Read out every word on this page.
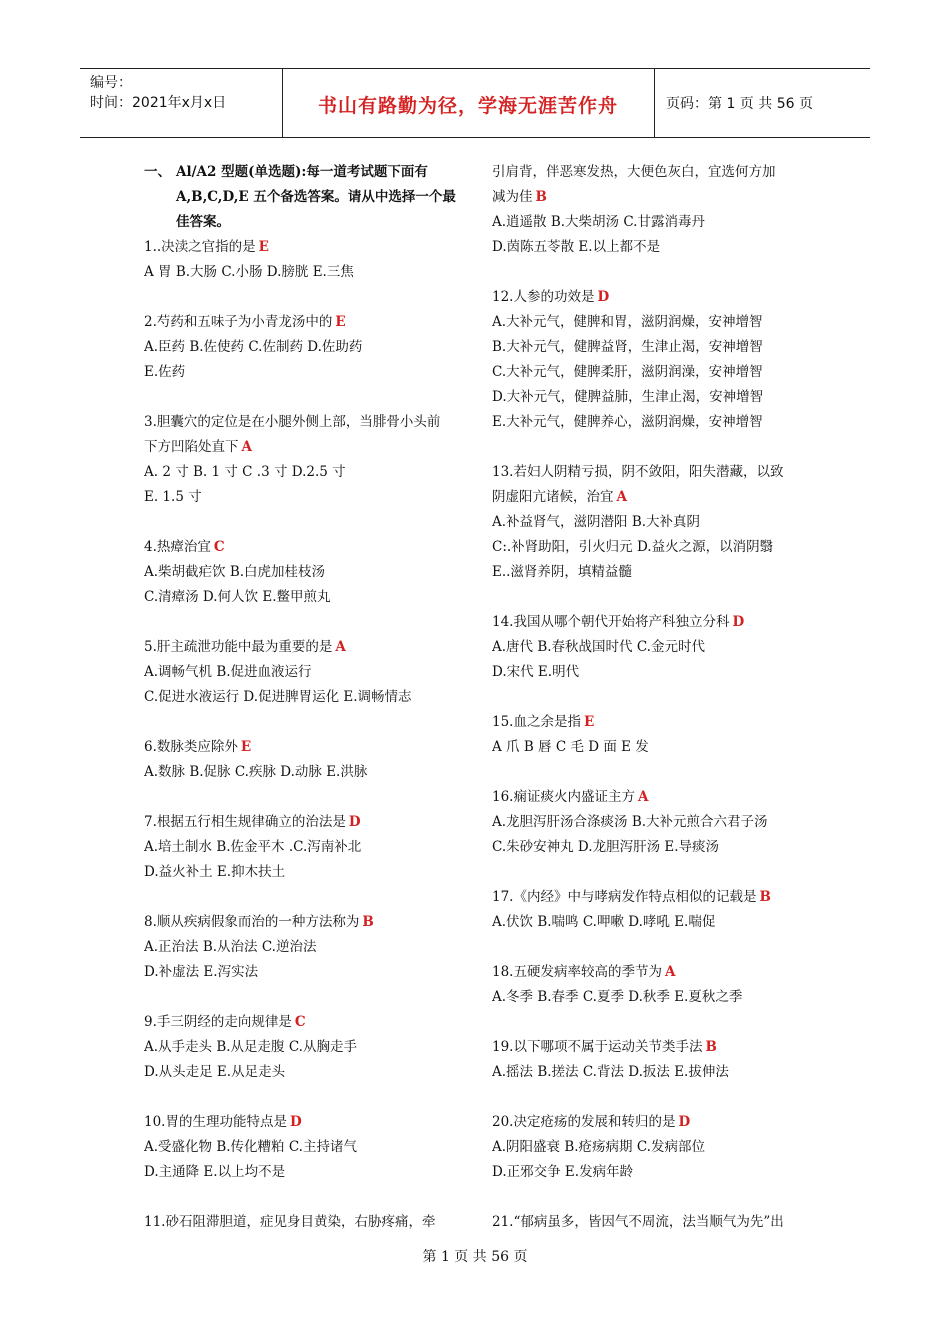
编号：
时间：2021年x月x日	书山有路勤为径，学海无涯苦作舟	页码：第 1 页 共 56 页
一、 Al/A2 型题(单选题):每一道考试题下面有
A,B,C,D,E 五个备选答案。请从中选择一个最
佳答案。
1..决渎之官指的是 E
A 胃 B.大肠 C.小肠 D.膀胱 E.三焦
2.芍药和五味子为小青龙汤中的 E
A.臣药 B.佐使药 C.佐制药 D.佐助药
E.佐药
3.胆囊穴的定位是在小腿外侧上部，当腓骨小头前
下方凹陷处直下 A
A. 2 寸 B. 1 寸 C .3 寸 D.2.5 寸
E. 1.5 寸
4.热瘴治宜 C
A.柴胡截疟饮 B.白虎加桂枝汤
C.清瘴汤 D.何人饮 E.鳖甲煎丸
5.肝主疏泄功能中最为重要的是 A
A.调畅气机 B.促进血液运行
C.促进水液运行 D.促进脾胃运化 E.调畅情志
6.数脉类应除外 E
A.数脉 B.促脉 C.疾脉 D.动脉 E.洪脉
7.根据五行相生规律确立的治法是 D
A.培土制水 B.佐金平木 .C.泻南补北
D.益火补土 E.抑木扶土
8.顺从疾病假象而治的一种方法称为 B
A.正治法 B.从治法 C.逆治法
D.补虚法 E.泻实法
9.手三阴经的走向规律是 C
A.从手走头 B.从足走腹 C.从胸走手
D.从头走足 E.从足走头
10.胃的生理功能特点是 D
A.受盛化物 B.传化糟粕 C.主持诸气
D.主通降 E.以上均不是
11.砂石阻滞胆道，症见身目黄染，右胁疼痛，牵
引肩背，伴恶寒发热，大便色灰白，宜选何方加
减为佳 B
A.逍遥散 B.大柴胡汤 C.甘露消毒丹
D.茵陈五苓散 E.以上都不是
12.人参的功效是 D
A.大补元气，健脾和胃，滋阴润燥，安神增智
B.大补元气，健脾益肾，生津止渴，安神增智
C.大补元气，健脾柔肝，滋阴润澡，安神增智
D.大补元气，健脾益肺，生津止渴，安神增智
E.大补元气，健脾养心，滋阴润燥，安神增智
13.若妇人阴精亏损，阴不敛阳，阳失潜藏，以致
阴虚阳亢诸候，治宜 A
A.补益肾气，滋阴潜阳 B.大补真阴
C:.补肾助阳，引火归元 D.益火之源，以消阴翳
E..滋肾养阴，填精益髓
14.我国从哪个朝代开始将产科独立分科 D
A.唐代 B.春秋战国时代 C.金元时代
D.宋代 E.明代
15.血之余是指 E
A 爪 B 唇 C 毛 D 面 E 发
16.痫证痰火内盛证主方 A
A.龙胆泻肝汤合涤痰汤 B.大补元煎合六君子汤
C.朱砂安神丸 D.龙胆泻肝汤 E.导痰汤
17.《内经》中与哮病发作特点相似的记载是 B
A.伏饮 B.喘鸣 C.呷嗽 D.哮吼 E.喘促
18.五硬发病率较高的季节为 A
A.冬季 B.春季 C.夏季 D.秋季 E.夏秋之季
19.以下哪项不属于运动关节类手法 B
A.摇法 B.搓法 C.背法 D.扳法 E.拔伸法
20.决定疮疡的发展和转归的是 D
A.阴阳盛衰 B.疮疡病期 C.发病部位
D.正邪交争 E.发病年龄
21.“郁病虽多，皆因气不周流，法当顺气为先”出
第 1 页 共 56 页
